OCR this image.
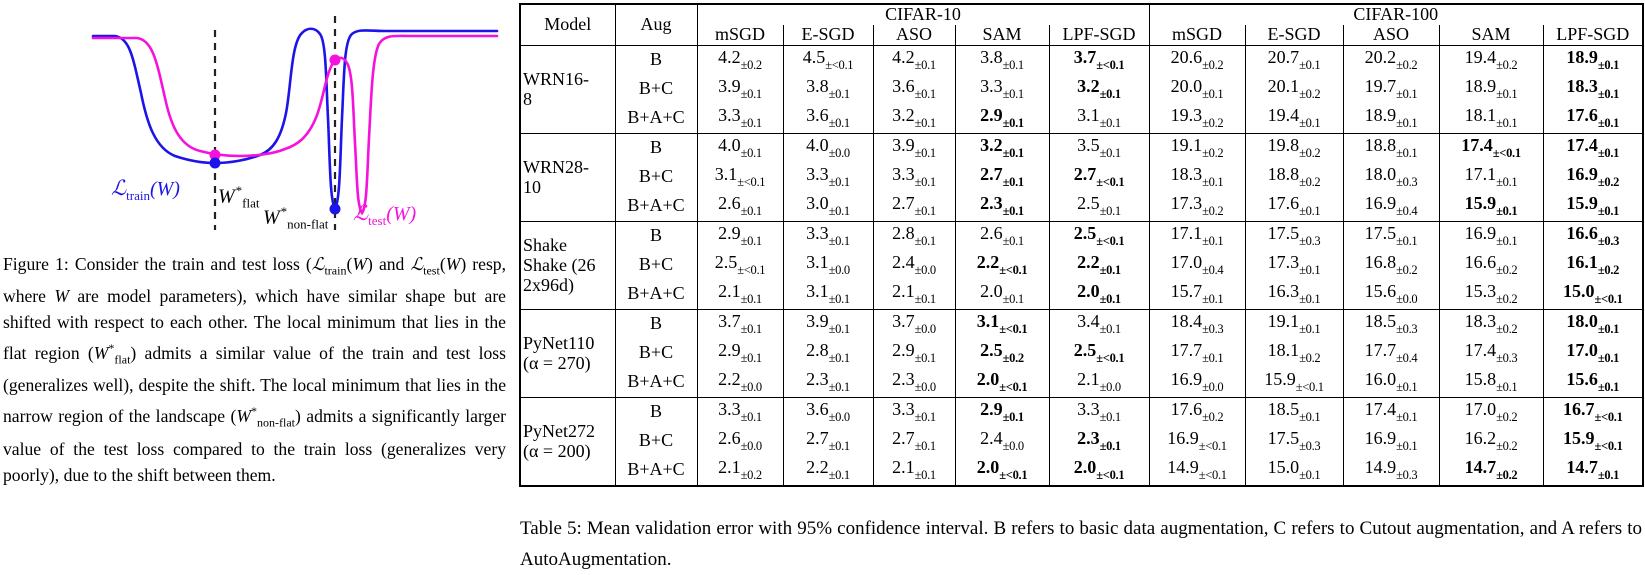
ℒ$_{train}$(W) $W^*_{flat}$
$W^*_{non-flat}$ ℒ$_{test}$(W)

Figure 1: Consider the train and test loss (ℒ$_{train}$(W) and ℒ$_{test}$(W) resp, where W are model parameters), which have similar shape but are shifted with respect to each other. The local minimum that lies in the flat region $(W^*_{flat})$ admits a similar value of the train and test loss (generalizes well), despite the shift. The local minimum that lies in the narrow region of the landscape $(W^*_{non-flat})$ admits a significantly larger value of the test loss compared to the train loss (generalizes very poorly), due to the shift between them.

Model	Aug	CIFAR-10					CIFAR-100				
		mSGD	E-SGD	ASO	SAM	LPF-SGD	mSGD	E-SGD	ASO	SAM	LPF-SGD
WRN16-
8	B	$4.2_{\pm 0.2}$	$4.5_{\pm<0.1}$	$4.2_{\pm 0.1}$	$3.8_{\pm 0.1}$	$3.7_{\pm<0.1}$	$20.6_{\pm 0.2}$	$20.7_{\pm 0.1}$	$20.2_{\pm 0.2}$	$19.4_{\pm 0.2}$	$18.9_{\pm 0.1}$
	B+C	$3.9_{\pm 0.1}$	$3.8_{\pm 0.1}$	$3.6_{\pm 0.1}$	$3.3_{\pm 0.1}$	$3.2_{\pm 0.1}$	$20.0_{\pm 0.1}$	$20.1_{\pm 0.2}$	$19.7_{\pm 0.1}$	$18.9_{\pm 0.1}$	$18.3_{\pm 0.1}$
	B+A+C	$3.3_{\pm 0.1}$	$3.6_{\pm 0.1}$	$3.2_{\pm 0.1}$	$2.9_{\pm 0.1}$	$3.1_{\pm 0.1}$	$19.3_{\pm 0.2}$	$19.4_{\pm 0.1}$	$18.9_{\pm 0.1}$	$18.1_{\pm 0.1}$	$17.6_{\pm 0.1}$
WRN28-
10	B	$4.0_{\pm 0.1}$	$4.0_{\pm 0.0}$	$3.9_{\pm 0.1}$	$3.2_{\pm 0.1}$	$3.5_{\pm 0.1}$	$19.1_{\pm 0.2}$	$19.8_{\pm 0.2}$	$18.8_{\pm 0.1}$	$17.4_{\pm<0.1}$	$17.4_{\pm 0.1}$
	B+C	$3.1_{\pm<0.1}$	$3.3_{\pm 0.1}$	$3.3_{\pm 0.1}$	$2.7_{\pm 0.1}$	$2.7_{\pm<0.1}$	$18.3_{\pm 0.1}$	$18.8_{\pm 0.2}$	$18.0_{\pm 0.3}$	$17.1_{\pm 0.1}$	$16.9_{\pm 0.2}$
	B+A+C	$2.6_{\pm 0.1}$	$3.0_{\pm 0.1}$	$2.7_{\pm 0.1}$	$2.3_{\pm 0.1}$	$2.5_{\pm 0.1}$	$17.3_{\pm 0.2}$	$17.6_{\pm 0.1}$	$16.9_{\pm 0.4}$	$15.9_{\pm 0.1}$	$15.9_{\pm 0.1}$
Shake
Shake (26
2x96d)	B	$2.9_{\pm 0.1}$	$3.3_{\pm 0.1}$	$2.8_{\pm 0.1}$	$2.6_{\pm 0.1}$	$2.5_{\pm<0.1}$	$17.1_{\pm 0.1}$	$17.5_{\pm 0.3}$	$17.5_{\pm 0.1}$	$16.9_{\pm 0.1}$	$16.6_{\pm 0.3}$
	B+C	$2.5_{\pm<0.1}$	$3.1_{\pm 0.0}$	$2.4_{\pm 0.0}$	$2.2_{\pm<0.1}$	$2.2_{\pm 0.1}$	$17.0_{\pm 0.4}$	$17.3_{\pm 0.1}$	$16.8_{\pm 0.2}$	$16.6_{\pm 0.2}$	$16.1_{\pm 0.2}$
	B+A+C	$2.1_{\pm 0.1}$	$3.1_{\pm 0.1}$	$2.1_{\pm 0.1}$	$2.0_{\pm 0.1}$	$2.0_{\pm 0.1}$	$15.7_{\pm 0.1}$	$16.3_{\pm 0.1}$	$15.6_{\pm 0.0}$	$15.3_{\pm 0.2}$	$15.0_{\pm<0.1}$
PyNet110
(α = 270)	B	$3.7_{\pm 0.1}$	$3.9_{\pm 0.1}$	$3.7_{\pm 0.0}$	$3.1_{\pm<0.1}$	$3.4_{\pm 0.1}$	$18.4_{\pm 0.3}$	$19.1_{\pm 0.1}$	$18.5_{\pm 0.3}$	$18.3_{\pm 0.2}$	$18.0_{\pm 0.1}$
	B+C	$2.9_{\pm 0.1}$	$2.8_{\pm 0.1}$	$2.9_{\pm 0.1}$	$2.5_{\pm 0.2}$	$2.5_{\pm<0.1}$	$17.7_{\pm 0.1}$	$18.1_{\pm 0.2}$	$17.7_{\pm 0.4}$	$17.4_{\pm 0.3}$	$17.0_{\pm 0.1}$
	B+A+C	$2.2_{\pm 0.0}$	$2.3_{\pm 0.1}$	$2.3_{\pm 0.0}$	$2.0_{\pm<0.1}$	$2.1_{\pm 0.0}$	$16.9_{\pm 0.0}$	$15.9_{\pm<0.1}$	$16.0_{\pm 0.1}$	$15.8_{\pm 0.1}$	$15.6_{\pm 0.1}$
PyNet272
(α = 200)	B	$3.3_{\pm 0.1}$	$3.6_{\pm 0.0}$	$3.3_{\pm 0.1}$	$2.9_{\pm 0.1}$	$3.3_{\pm 0.1}$	$17.6_{\pm 0.2}$	$18.5_{\pm 0.1}$	$17.4_{\pm 0.1}$	$17.0_{\pm 0.2}$	$16.7_{\pm<0.1}$
	B+C	$2.6_{\pm 0.0}$	$2.7_{\pm 0.1}$	$2.7_{\pm 0.1}$	$2.4_{\pm 0.0}$	$2.3_{\pm 0.1}$	$16.9_{\pm<0.1}$	$17.5_{\pm 0.3}$	$16.9_{\pm 0.1}$	$16.2_{\pm 0.2}$	$15.9_{\pm<0.1}$
	B+A+C	$2.1_{\pm 0.2}$	$2.2_{\pm 0.1}$	$2.1_{\pm 0.1}$	$2.0_{\pm<0.1}$	$2.0_{\pm<0.1}$	$14.9_{\pm<0.1}$	$15.0_{\pm 0.1}$	$14.9_{\pm 0.3}$	$14.7_{\pm 0.2}$	$14.7_{\pm 0.1}$

Table 5: Mean validation error with 95% confidence interval. B refers to basic data augmentation, C refers to Cutout augmentation, and A refers to AutoAugmentation.
